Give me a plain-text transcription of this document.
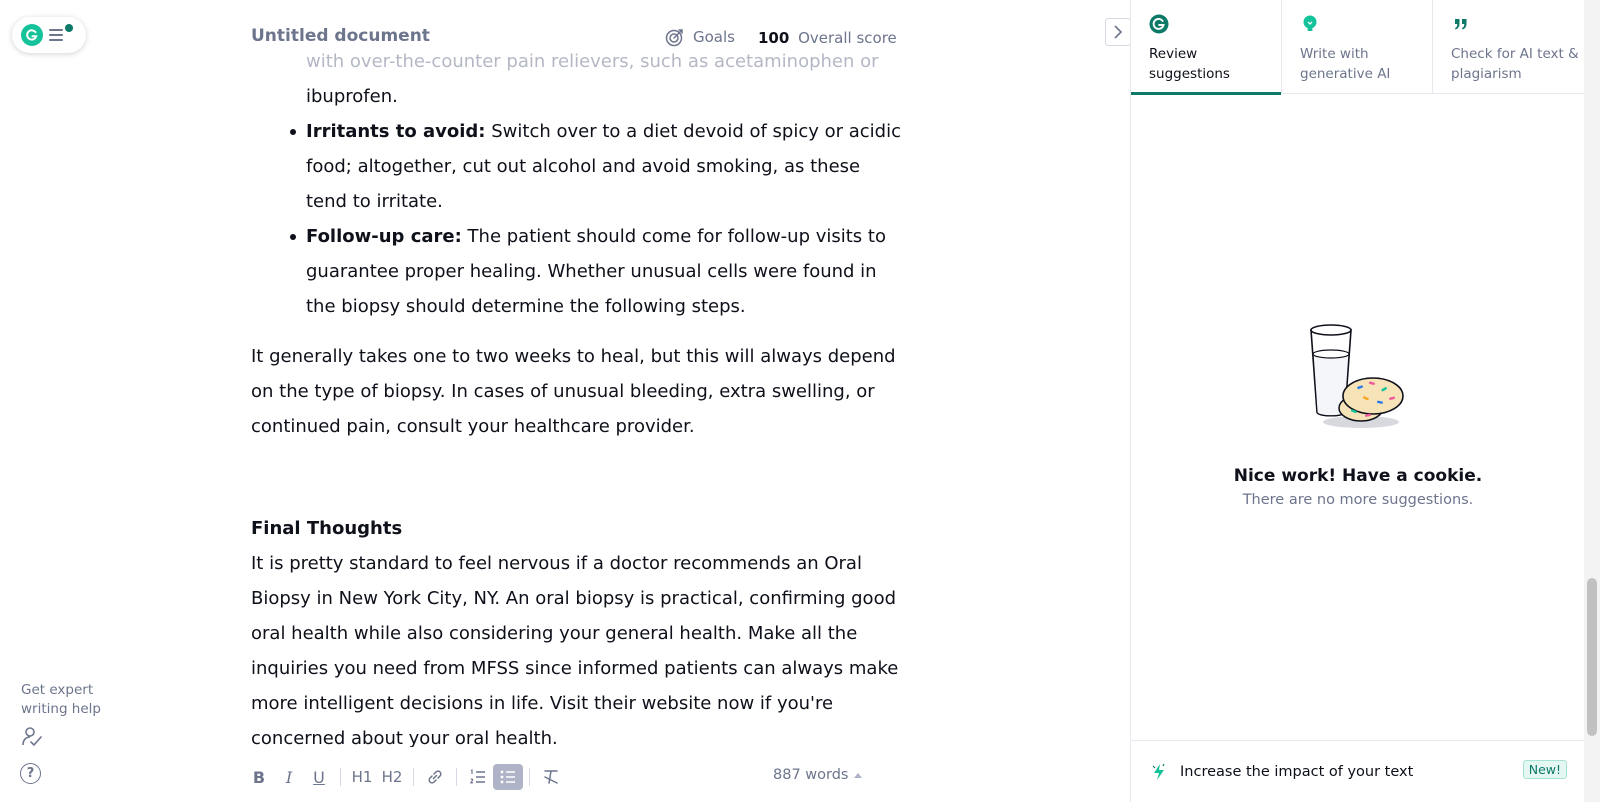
Get expert writing help
?
Untitled document	Goals 100 Overall score
with over-the-counter pain relievers, such as acetaminophen or
ibuprofen.
Irritants to avoid: Switch over to a diet devoid of spicy or acidic food; altogether, cut out alcohol and avoid smoking, as these tend to irritate.
Follow-up care: The patient should come for follow-up visits to guarantee proper healing. Whether unusual cells were found in the biopsy should determine the following steps.
It generally takes one to two weeks to heal, but this will always depend on the type of biopsy. In cases of unusual bleeding, extra swelling, or continued pain, consult your healthcare provider.
Final Thoughts
It is pretty standard to feel nervous if a doctor recommends an Oral Biopsy in New York City, NY. An oral biopsy is practical, confirming good oral health while also considering your general health. Make all the inquiries you need from MFSS since informed patients can always make more intelligent decisions in life. Visit their website now if you're concerned about your oral health.
B	I	U	H1 H2	887 words
Review suggestions
Write with generative AI
Check for AI text & plagiarism
Nice work! Have a cookie.
There are no more suggestions.
Increase the impact of your text	New!
